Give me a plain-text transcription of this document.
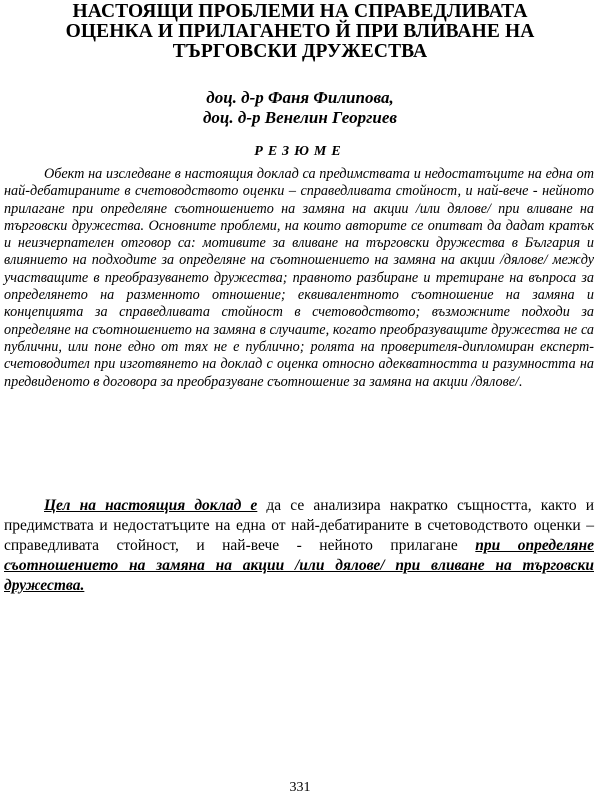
НАСТОЯЩИ ПРОБЛЕМИ НА СПРАВЕДЛИВАТА
ОЦЕНКА И ПРИЛАГАНЕТО Й ПРИ ВЛИВАНЕ НА
ТЪРГОВСКИ ДРУЖЕСТВА
доц. д-р Фаня Филипова,
доц. д-р Венелин Георгиев
РЕЗЮМЕ

Обект на изследване в настоящия доклад са предимствата и недостатъците на една от най-дебатираните в счетоводството оценки – справедливата стойност, и най-вече - нейното прилагане при определяне съотношението на замяна на акции /или дялове/ при вливане на търговски дружества. Основните проблеми, на които авторите се опитват да дадат кратък и неизчерпателен отговор са: мотивите за вливане на търговски дружества в България и влиянието на подходите за определяне на съотношението на замяна на акции /дялове/ между участващите в преобразуването дружества; правното разбиране и третиране на въпроса за определянето на разменното отношение; еквивалентното съотношение на замяна и концепцията за справедливата стойност в счетоводството; възможните подходи за определяне на съотношението на замяна в случаите, когато преобразуващите дружества не са публични, или поне едно от тях не е публично; ролята на проверителя-дипломиран експерт-счетоводител при изготвянето на доклад с оценка относно адекватността и разумността на предвиденото в договора за преобразуване съотношение за замяна на акции /дялове/.

Цел на настоящия доклад е да се анализира накратко същността, както и предимствата и недостатъците на една от най-дебатираните в счетоводството оценки – справедливата стойност, и най-вече - нейното прилагане при определяне съотношението на замяна на акции /или дялове/ при вливане на търговски дружества.

331
